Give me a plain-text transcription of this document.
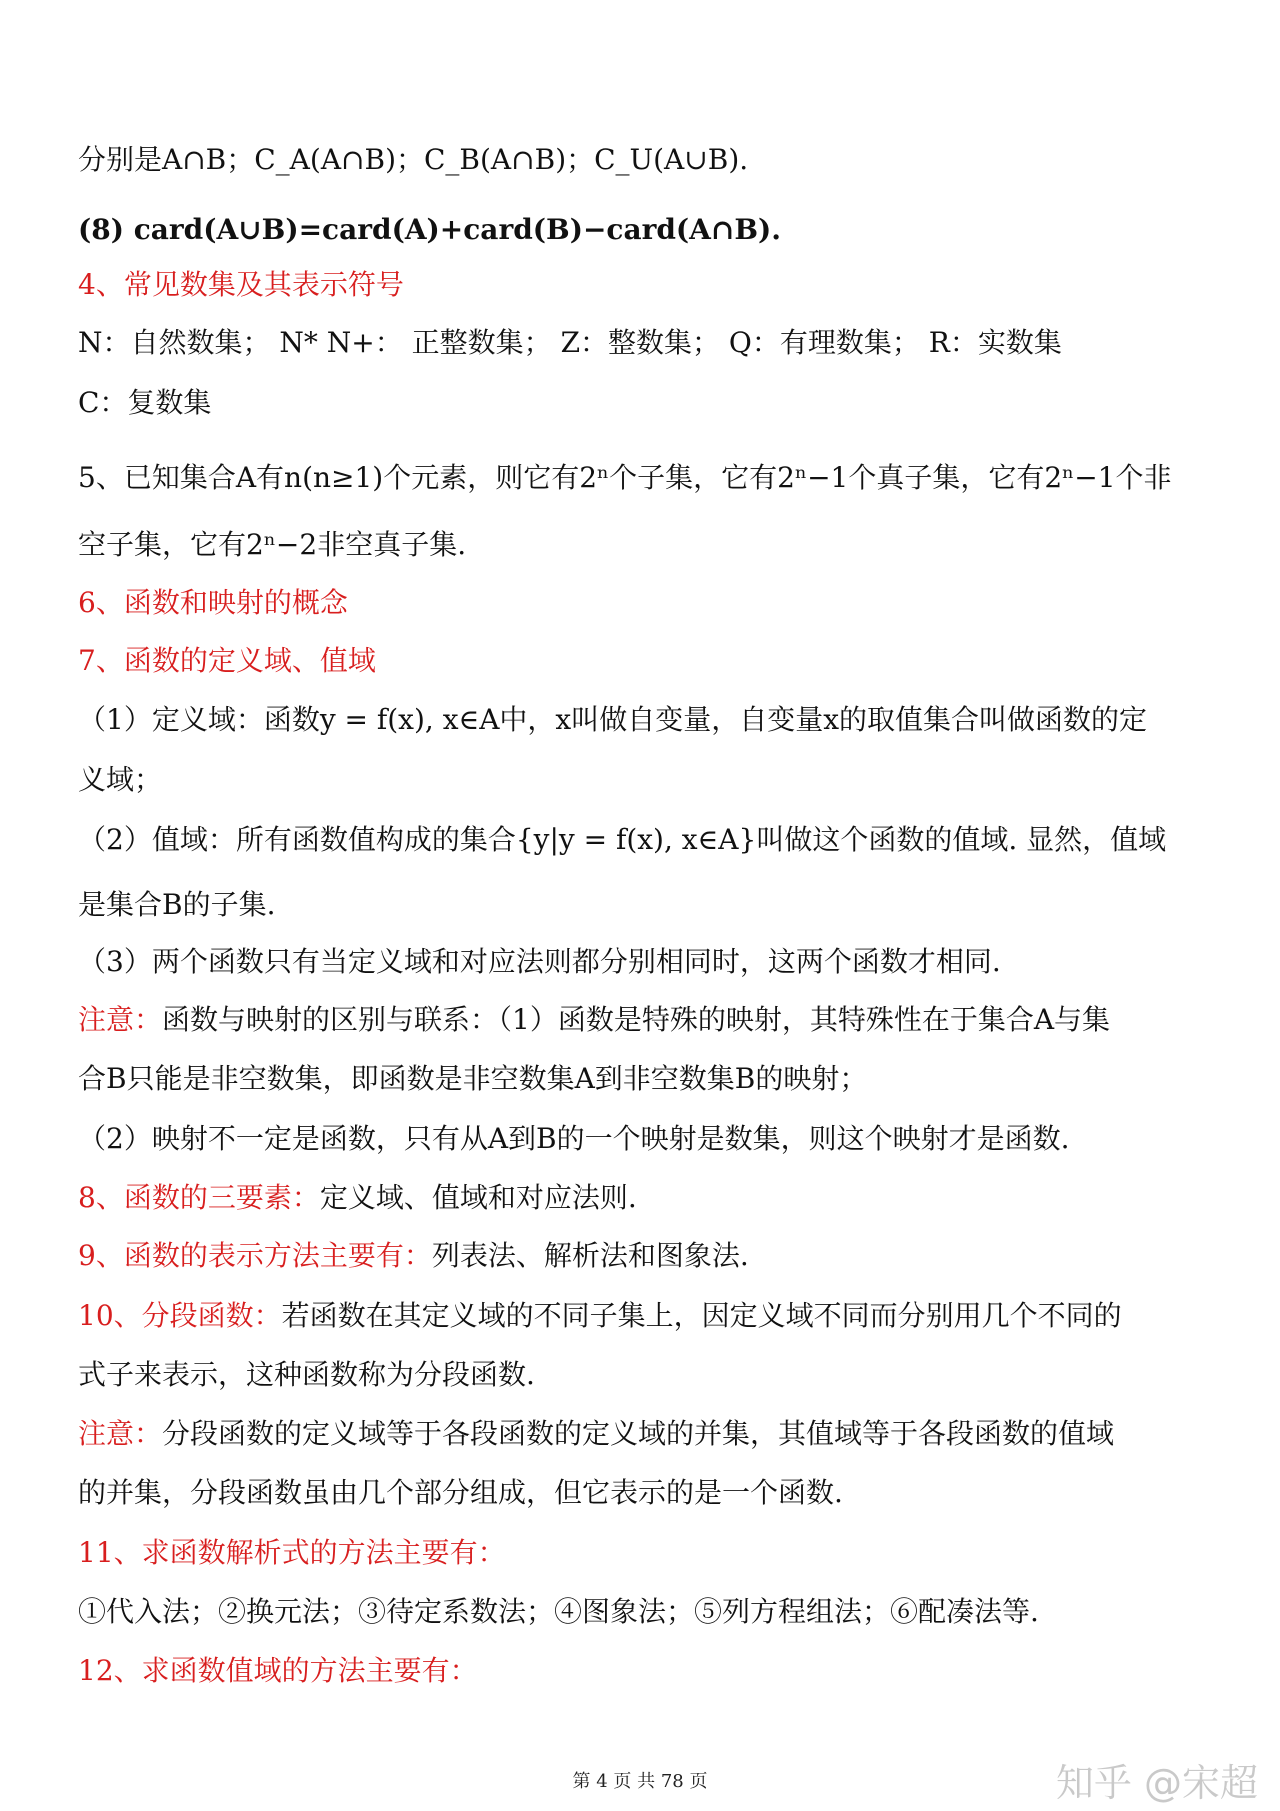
分别是A∩B；C_A(A∩B)；C_B(A∩B)；C_U(A∪B).
(8) card(A∪B)=card(A)+card(B)−card(A∩B).
4、常见数集及其表示符号
N：自然数集； N* N+： 正整数集； Z：整数集； Q：有理数集； R：实数集
C：复数集
5、已知集合A有n(n≥1)个元素，则它有2ⁿ个子集，它有2ⁿ−1个真子集，它有2ⁿ−1个非
空子集，它有2ⁿ−2非空真子集.
6、函数和映射的概念
7、函数的定义域、值域
（1）定义域：函数y = f(x), x∈A中，x叫做自变量，自变量x的取值集合叫做函数的定
义域；
（2）值域：所有函数值构成的集合{y|y = f(x), x∈A}叫做这个函数的值域. 显然，值域
是集合B的子集.
（3）两个函数只有当定义域和对应法则都分别相同时，这两个函数才相同.
注意：函数与映射的区别与联系：（1）函数是特殊的映射，其特殊性在于集合A与集
合B只能是非空数集，即函数是非空数集A到非空数集B的映射；
（2）映射不一定是函数，只有从A到B的一个映射是数集，则这个映射才是函数.
8、函数的三要素：定义域、值域和对应法则.
9、函数的表示方法主要有：列表法、解析法和图象法.
10、分段函数：若函数在其定义域的不同子集上，因定义域不同而分别用几个不同的
式子来表示，这种函数称为分段函数.
注意：分段函数的定义域等于各段函数的定义域的并集，其值域等于各段函数的值域
的并集，分段函数虽由几个部分组成，但它表示的是一个函数.
11、求函数解析式的方法主要有：
①代入法；②换元法；③待定系数法；④图象法；⑤列方程组法；⑥配凑法等.
12、求函数值域的方法主要有：
第 4 页 共 78 页	知乎 @宋超
